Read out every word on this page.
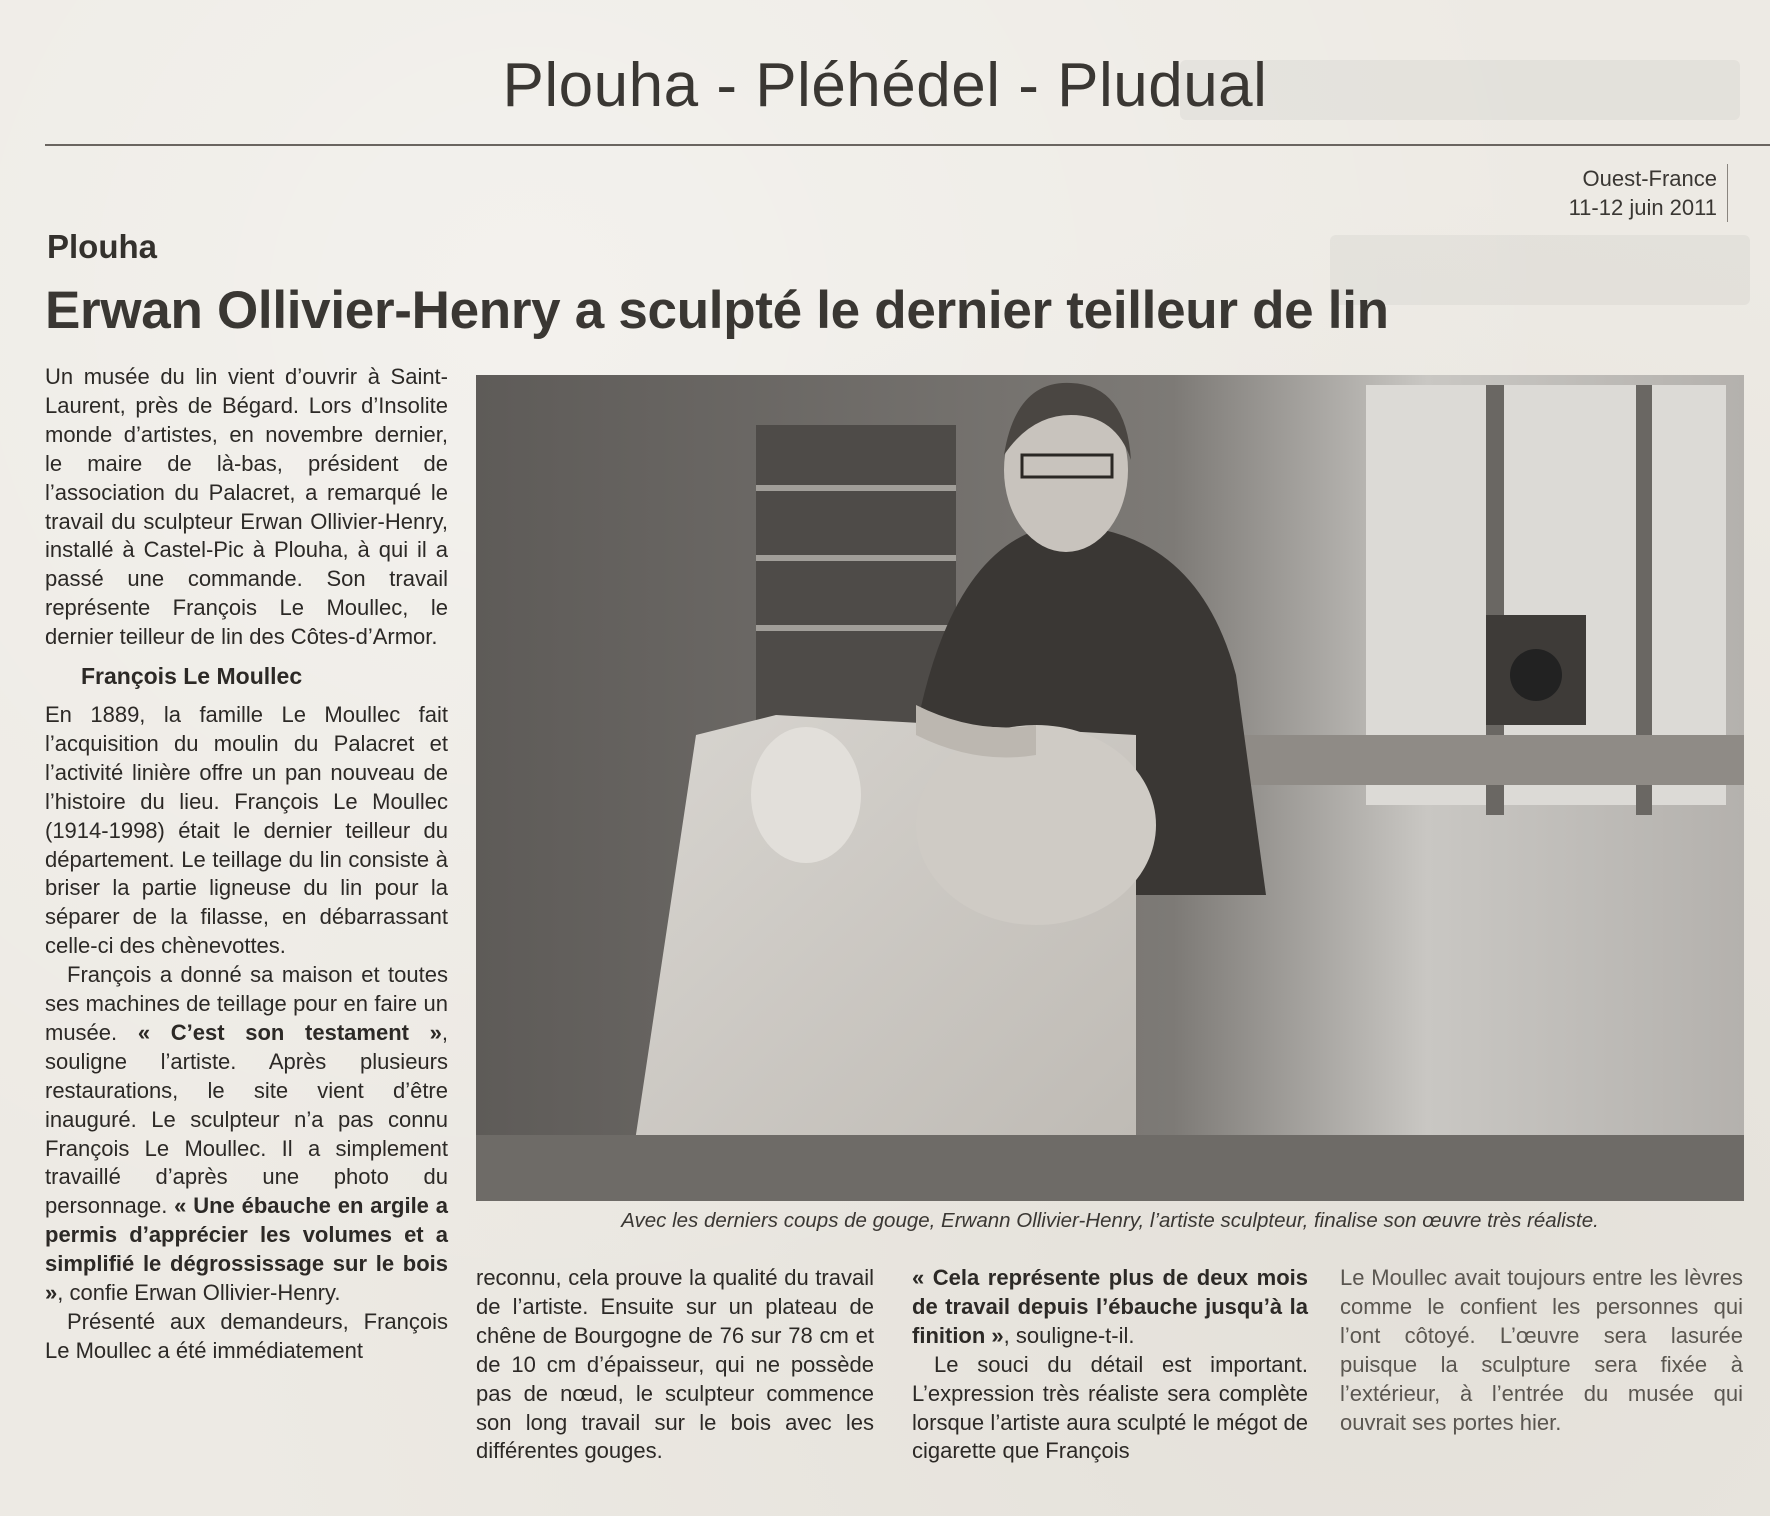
Plouha - Pléhédel - Pludual
Ouest-France
11-12 juin 2011
Plouha
Erwan Ollivier-Henry a sculpté le dernier teilleur de lin

Un musée du lin vient d’ouvrir à Saint-Laurent, près de Bégard. Lors d’Insolite monde d’artistes, en novembre dernier, le maire de là-bas, président de l’association du Palacret, a remarqué le travail du sculpteur Erwan Ollivier-Henry, installé à Castel-Pic à Plouha, à qui il a passé une commande. Son travail représente François Le Moullec, le dernier teilleur de lin des Côtes-d’Armor.

François Le Moullec

En 1889, la famille Le Moullec fait l’acquisition du moulin du Palacret et l’activité linière offre un pan nouveau de l’histoire du lieu. François Le Moullec (1914-1998) était le dernier teilleur du département. Le teillage du lin consiste à briser la partie ligneuse du lin pour la séparer de la filasse, en débarrassant celle-ci des chènevottes.

François a donné sa maison et toutes ses machines de teillage pour en faire un musée. « C’est son testament », souligne l’artiste. Après plusieurs restaurations, le site vient d’être inauguré. Le sculpteur n’a pas connu François Le Moullec. Il a simplement travaillé d’après une photo du personnage. « Une ébauche en argile a permis d’apprécier les volumes et a simplifié le dégrossissage sur le bois », confie Erwan Ollivier-Henry.

Présenté aux demandeurs, François Le Moullec a été immédiatement

Avec les derniers coups de gouge, Erwann Ollivier-Henry, l’artiste sculpteur, finalise son œuvre très réaliste.

reconnu, cela prouve la qualité du travail de l’artiste. Ensuite sur un plateau de chêne de Bourgogne de 76 sur 78 cm et de 10 cm d’épaisseur, qui ne possède pas de nœud, le sculpteur commence son long travail sur le bois avec les différentes gouges.

« Cela représente plus de deux mois de travail depuis l’ébauche jusqu’à la finition », souligne-t-il.

Le souci du détail est important. L’expression très réaliste sera complète lorsque l’artiste aura sculpté le mégot de cigarette que François

Le Moullec avait toujours entre les lèvres comme le confient les personnes qui l’ont côtoyé. L’œuvre sera lasurée puisque la sculpture sera fixée à l’extérieur, à l’entrée du musée qui ouvrait ses portes hier.
